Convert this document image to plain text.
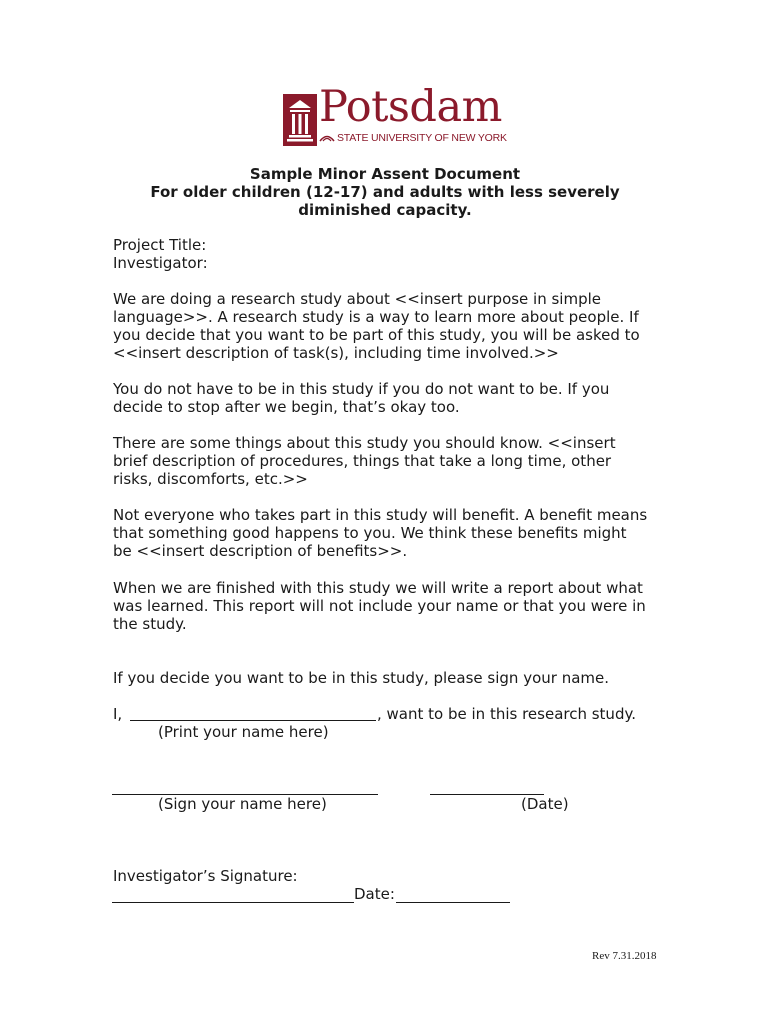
Potsdam
STATE UNIVERSITY OF NEW YORK
Sample Minor Assent Document
For older children (12-17) and adults with less severely
diminished capacity.
Project Title:
Investigator:
We are doing a research study about <<insert purpose in simple
language>>. A research study is a way to learn more about people. If
you decide that you want to be part of this study, you will be asked to
<<insert description of task(s), including time involved.>>
You do not have to be in this study if you do not want to be. If you
decide to stop after we begin, that’s okay too.
There are some things about this study you should know. <<insert
brief description of procedures, things that take a long time, other
risks, discomforts, etc.>>
Not everyone who takes part in this study will benefit. A benefit means
that something good happens to you. We think these benefits might
be <<insert description of benefits>>.
When we are finished with this study we will write a report about what
was learned. This report will not include your name or that you were in
the study.
If you decide you want to be in this study, please sign your name.
I,	, want to be in this research study.
(Print your name here)
(Sign your name here)	(Date)
Investigator’s Signature:
Date:
Rev 7.31.2018
